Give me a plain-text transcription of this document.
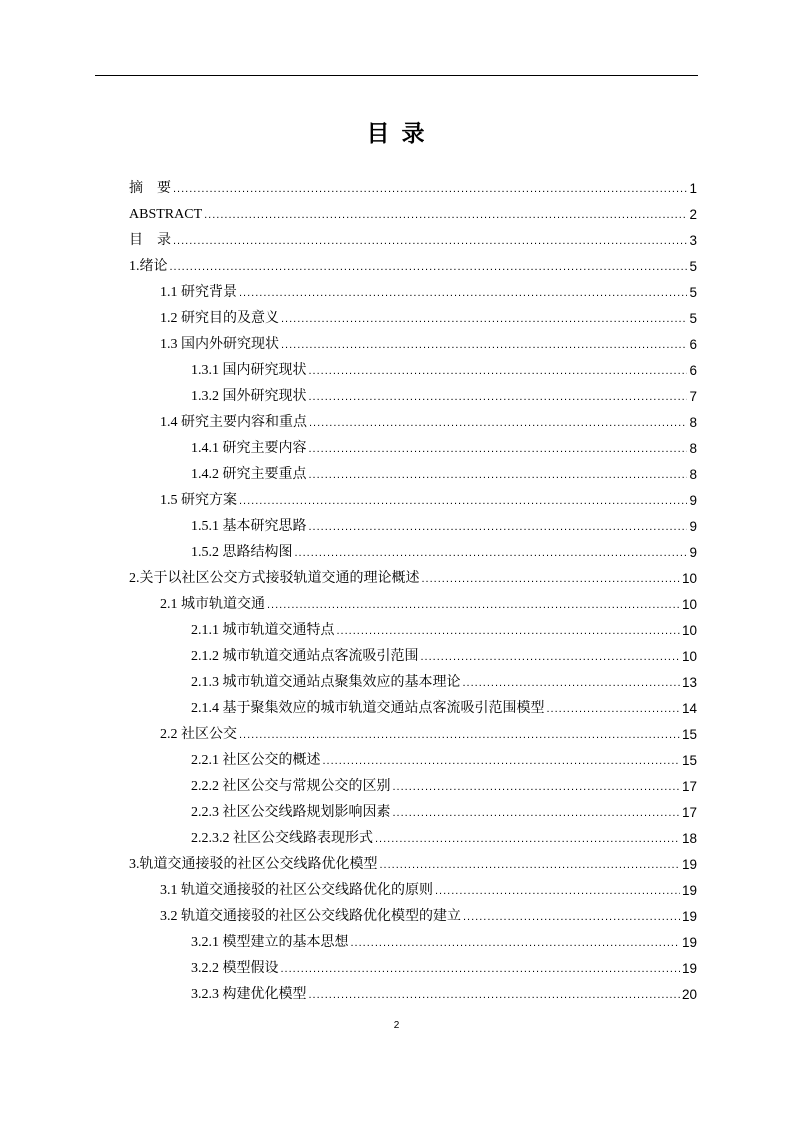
目 录
摘　要 .....	1
ABSTRACT .....	2
目　录 .....	3
1.绪论 .....	5
1.1 研究背景 .....	5
1.2 研究目的及意义 .....	5
1.3 国内外研究现状 .....	6
1.3.1 国内研究现状 .....	6
1.3.2 国外研究现状 .....	7
1.4 研究主要内容和重点 .....	8
1.4.1 研究主要内容 .....	8
1.4.2 研究主要重点 .....	8
1.5 研究方案 .....	9
1.5.1 基本研究思路 .....	9
1.5.2 思路结构图 .....	9
2.关于以社区公交方式接驳轨道交通的理论概述 .....	10
2.1 城市轨道交通 .....	10
2.1.1 城市轨道交通特点 .....	10
2.1.2 城市轨道交通站点客流吸引范围 .....	10
2.1.3 城市轨道交通站点聚集效应的基本理论 .....	13
2.1.4 基于聚集效应的城市轨道交通站点客流吸引范围模型 .....	14
2.2 社区公交 .....	15
2.2.1 社区公交的概述 .....	15
2.2.2 社区公交与常规公交的区别 .....	17
2.2.3 社区公交线路规划影响因素 .....	17
2.2.3.2 社区公交线路表现形式 .....	18
3.轨道交通接驳的社区公交线路优化模型 .....	19
3.1 轨道交通接驳的社区公交线路优化的原则 .....	19
3.2 轨道交通接驳的社区公交线路优化模型的建立 .....	19
3.2.1 模型建立的基本思想 .....	19
3.2.2 模型假设 .....	19
3.2.3 构建优化模型 .....	20
2
